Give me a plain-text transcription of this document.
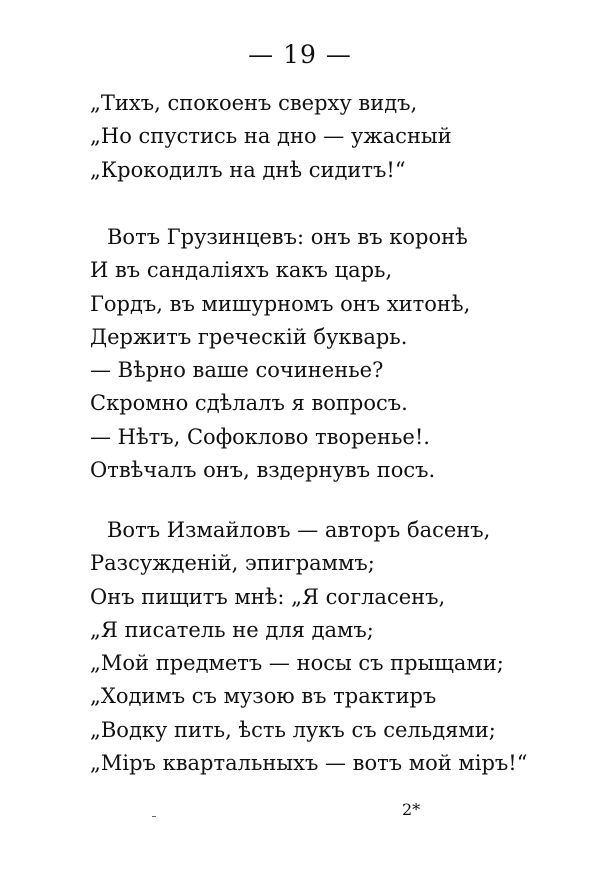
— 19 —
„Тихъ, спокоенъ сверху видъ,
„Но спустись на дно — ужасный
„Крокодилъ на днѣ сидитъ!“
Вотъ Грузинцевъ: онъ въ коронѣ
И въ сандаліяхъ какъ царь,
Гордъ, въ мишурномъ онъ хитонѣ,
Держитъ греческій букварь.
— Вѣрно ваше сочиненье?
Скромно сдѣлалъ я вопросъ.
— Нѣтъ, Софоклово творенье!.
Отвѣчалъ онъ, вздернувъ посъ.
Вотъ Измайловъ — авторъ басенъ,
Разсужденій, эпиграммъ;
Онъ пищитъ мнѣ: „Я согласенъ,
„Я писатель не для дамъ;
„Мой предметъ — носы съ прыщами;
„Ходимъ съ музою въ трактиръ
„Водку пить, ѣсть лукъ съ сельдями;
„Міръ квартальныхъ — вотъ мой міръ!“
2*
